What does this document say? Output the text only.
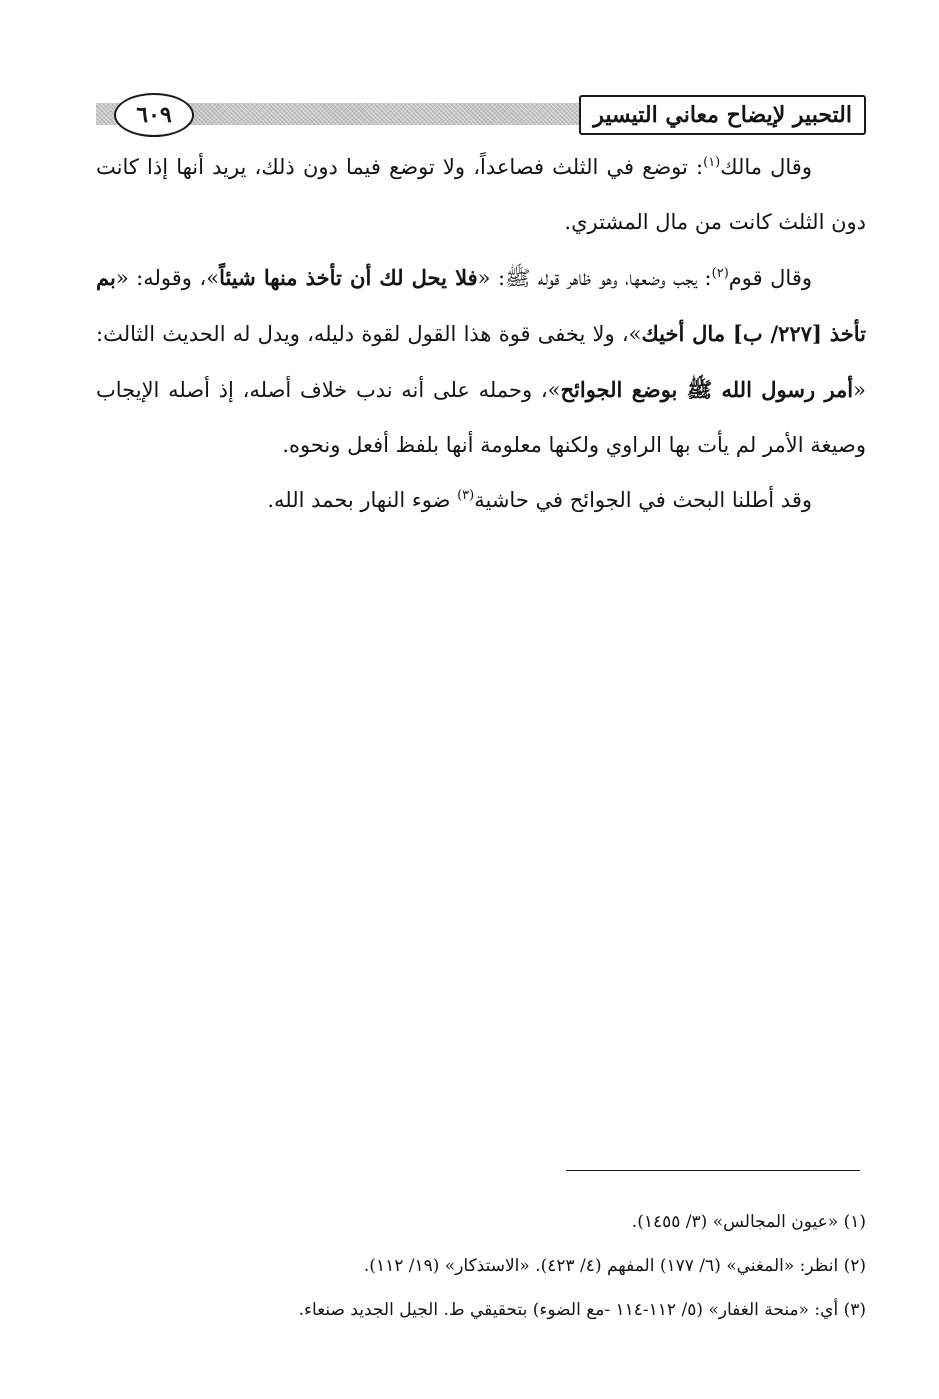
٦٠٩	التحبير لإيضاح معاني التيسير

وقال مالك$^{(١)}$: توضع في الثلث فصاعداً، ولا توضع فيما دون ذلك، يريد أنها إذا كانت دون الثلث كانت من مال المشتري.

وقال قوم$^{(٢)}$: يجب وضعها، وهو ظاهر قوله ﷺ: «فلا يحل لك أن تأخذ منها شيئاً»، وقوله: «بم تأخذ [٢٢٧/ ب] مال أخيك»، ولا يخفى قوة هذا القول لقوة دليله، ويدل له الحديث الثالث: «أمر رسول الله ﷺ بوضع الجوائح»، وحمله على أنه ندب خلاف أصله، إذ أصله الإيجاب وصيغة الأمر لم يأت بها الراوي ولكنها معلومة أنها بلفظ أفعل ونحوه.

وقد أطلنا البحث في الجوائح في حاشية$^{(٣)}$ ضوء النهار بحمد الله.

(١) «عيون المجالس» (٣/ ١٤٥٥).

(٢) انظر: «المغني» (٦/ ١٧٧) المفهم (٤/ ٤٢٣). «الاستذكار» (١٩/ ١١٢).

(٣) أي: «منحة الغفار» (٥/ ١١٢-١١٤ -مع الضوء) بتحقيقي ط. الجيل الجديد صنعاء.
